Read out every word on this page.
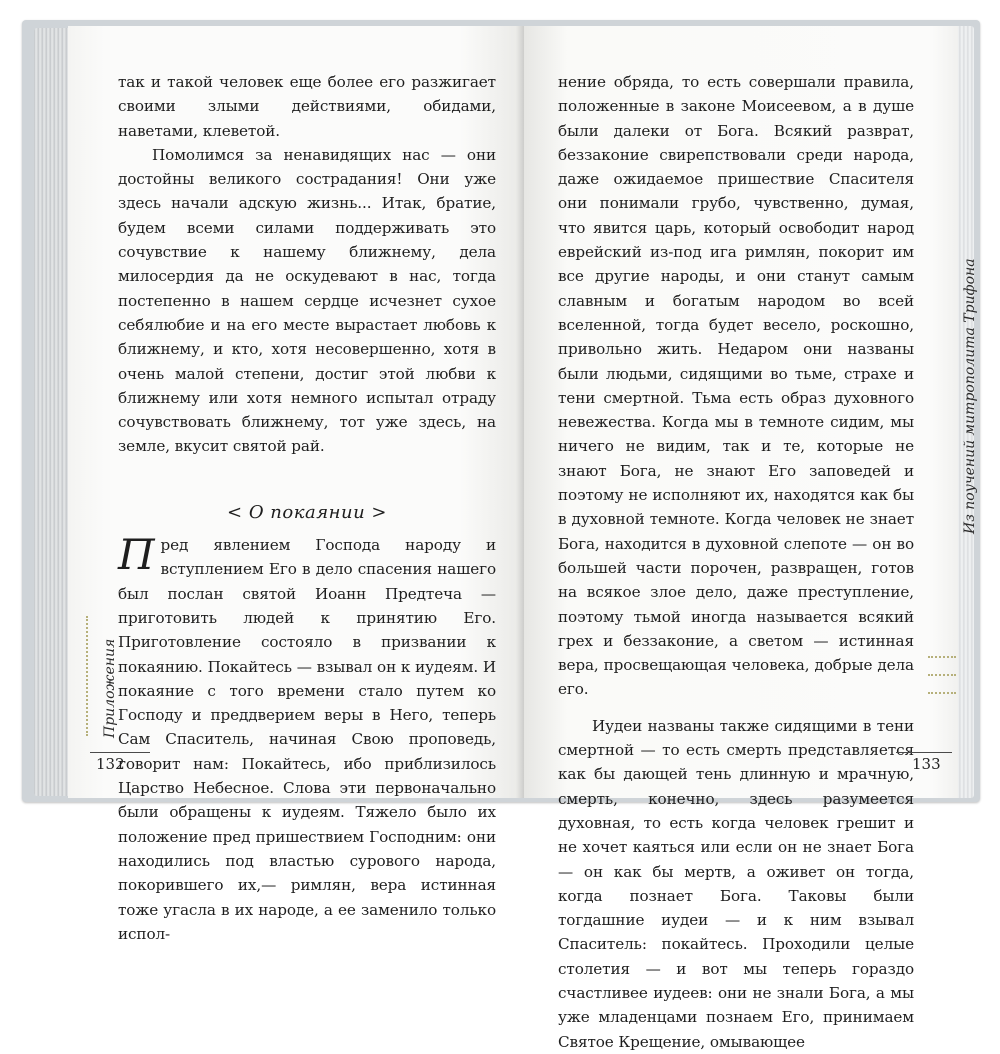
так и такой человек еще более его разжигает своими злыми действиями, обидами, наветами, клеветой.

Помолимся за ненавидящих нас — они достойны великого сострадания! Они уже здесь начали адскую жизнь... Итак, братие, будем всеми силами поддерживать это сочувствие к нашему ближнему, дела милосердия да не оскудевают в нас, тогда постепенно в нашем сердце исчезнет сухое себялюбие и на его месте вырастает любовь к ближнему, и кто, хотя несовершенно, хотя в очень малой степени, достиг этой любви к ближнему или хотя немного испытал отраду сочувствовать ближнему, тот уже здесь, на земле, вкусит святой рай.

< О покаянии >

Пред явлением Господа народу и вступлением Его в дело спасения нашего был послан святой Иоанн Предтеча — приготовить людей к принятию Его. Приготовление состояло в призвании к покаянию. Покайтесь — взывал он к иудеям. И покаяние с того времени стало путем ко Господу и преддверием веры в Него, теперь Сам Спаситель, начиная Свою проповедь, говорит нам: Покайтесь, ибо приблизилось Царство Небесное. Слова эти первоначально были обращены к иудеям. Тяжело было их положение пред пришествием Господним: они находились под властью сурового народа, покорившего их,— римлян, вера истинная тоже угасла в их народе, а ее заменило только испол-

Приложения
132

нение обряда, то есть совершали правила, положенные в законе Моисеевом, а в душе были далеки от Бога. Всякий разврат, беззаконие свирепствовали среди народа, даже ожидаемое пришествие Спасителя они понимали грубо, чувственно, думая, что явится царь, который освободит народ еврейский из-под ига римлян, покорит им все другие народы, и они станут самым славным и богатым народом во всей вселенной, тогда будет весело, роскошно, привольно жить. Недаром они названы были людьми, сидящими во тьме, страхе и тени смертной. Тьма есть образ духовного невежества. Когда мы в темноте сидим, мы ничего не видим, так и те, которые не знают Бога, не знают Его заповедей и поэтому не исполняют их, находятся как бы в духовной темноте. Когда человек не знает Бога, находится в духовной слепоте — он во большей части порочен, развращен, готов на всякое злое дело, даже преступление, поэтому тьмой иногда называется всякий грех и беззаконие, а светом — истинная вера, просвещающая человека, добрые дела его.

Иудеи названы также сидящими в тени смертной — то есть смерть представляется как бы дающей тень длинную и мрачную, смерть, конечно, здесь разумеется духовная, то есть когда человек грешит и не хочет каяться или если он не знает Бога — он как бы мертв, а оживет он тогда, когда познает Бога. Таковы были тогдашние иудеи — и к ним взывал Спаситель: покайтесь. Проходили целые столетия — и вот мы теперь гораздо счастливее иудеев: они не знали Бога, а мы уже младенцами познаем Его, принимаем Святое Крещение, омывающее

Из поучений митрополита Трифона
133
